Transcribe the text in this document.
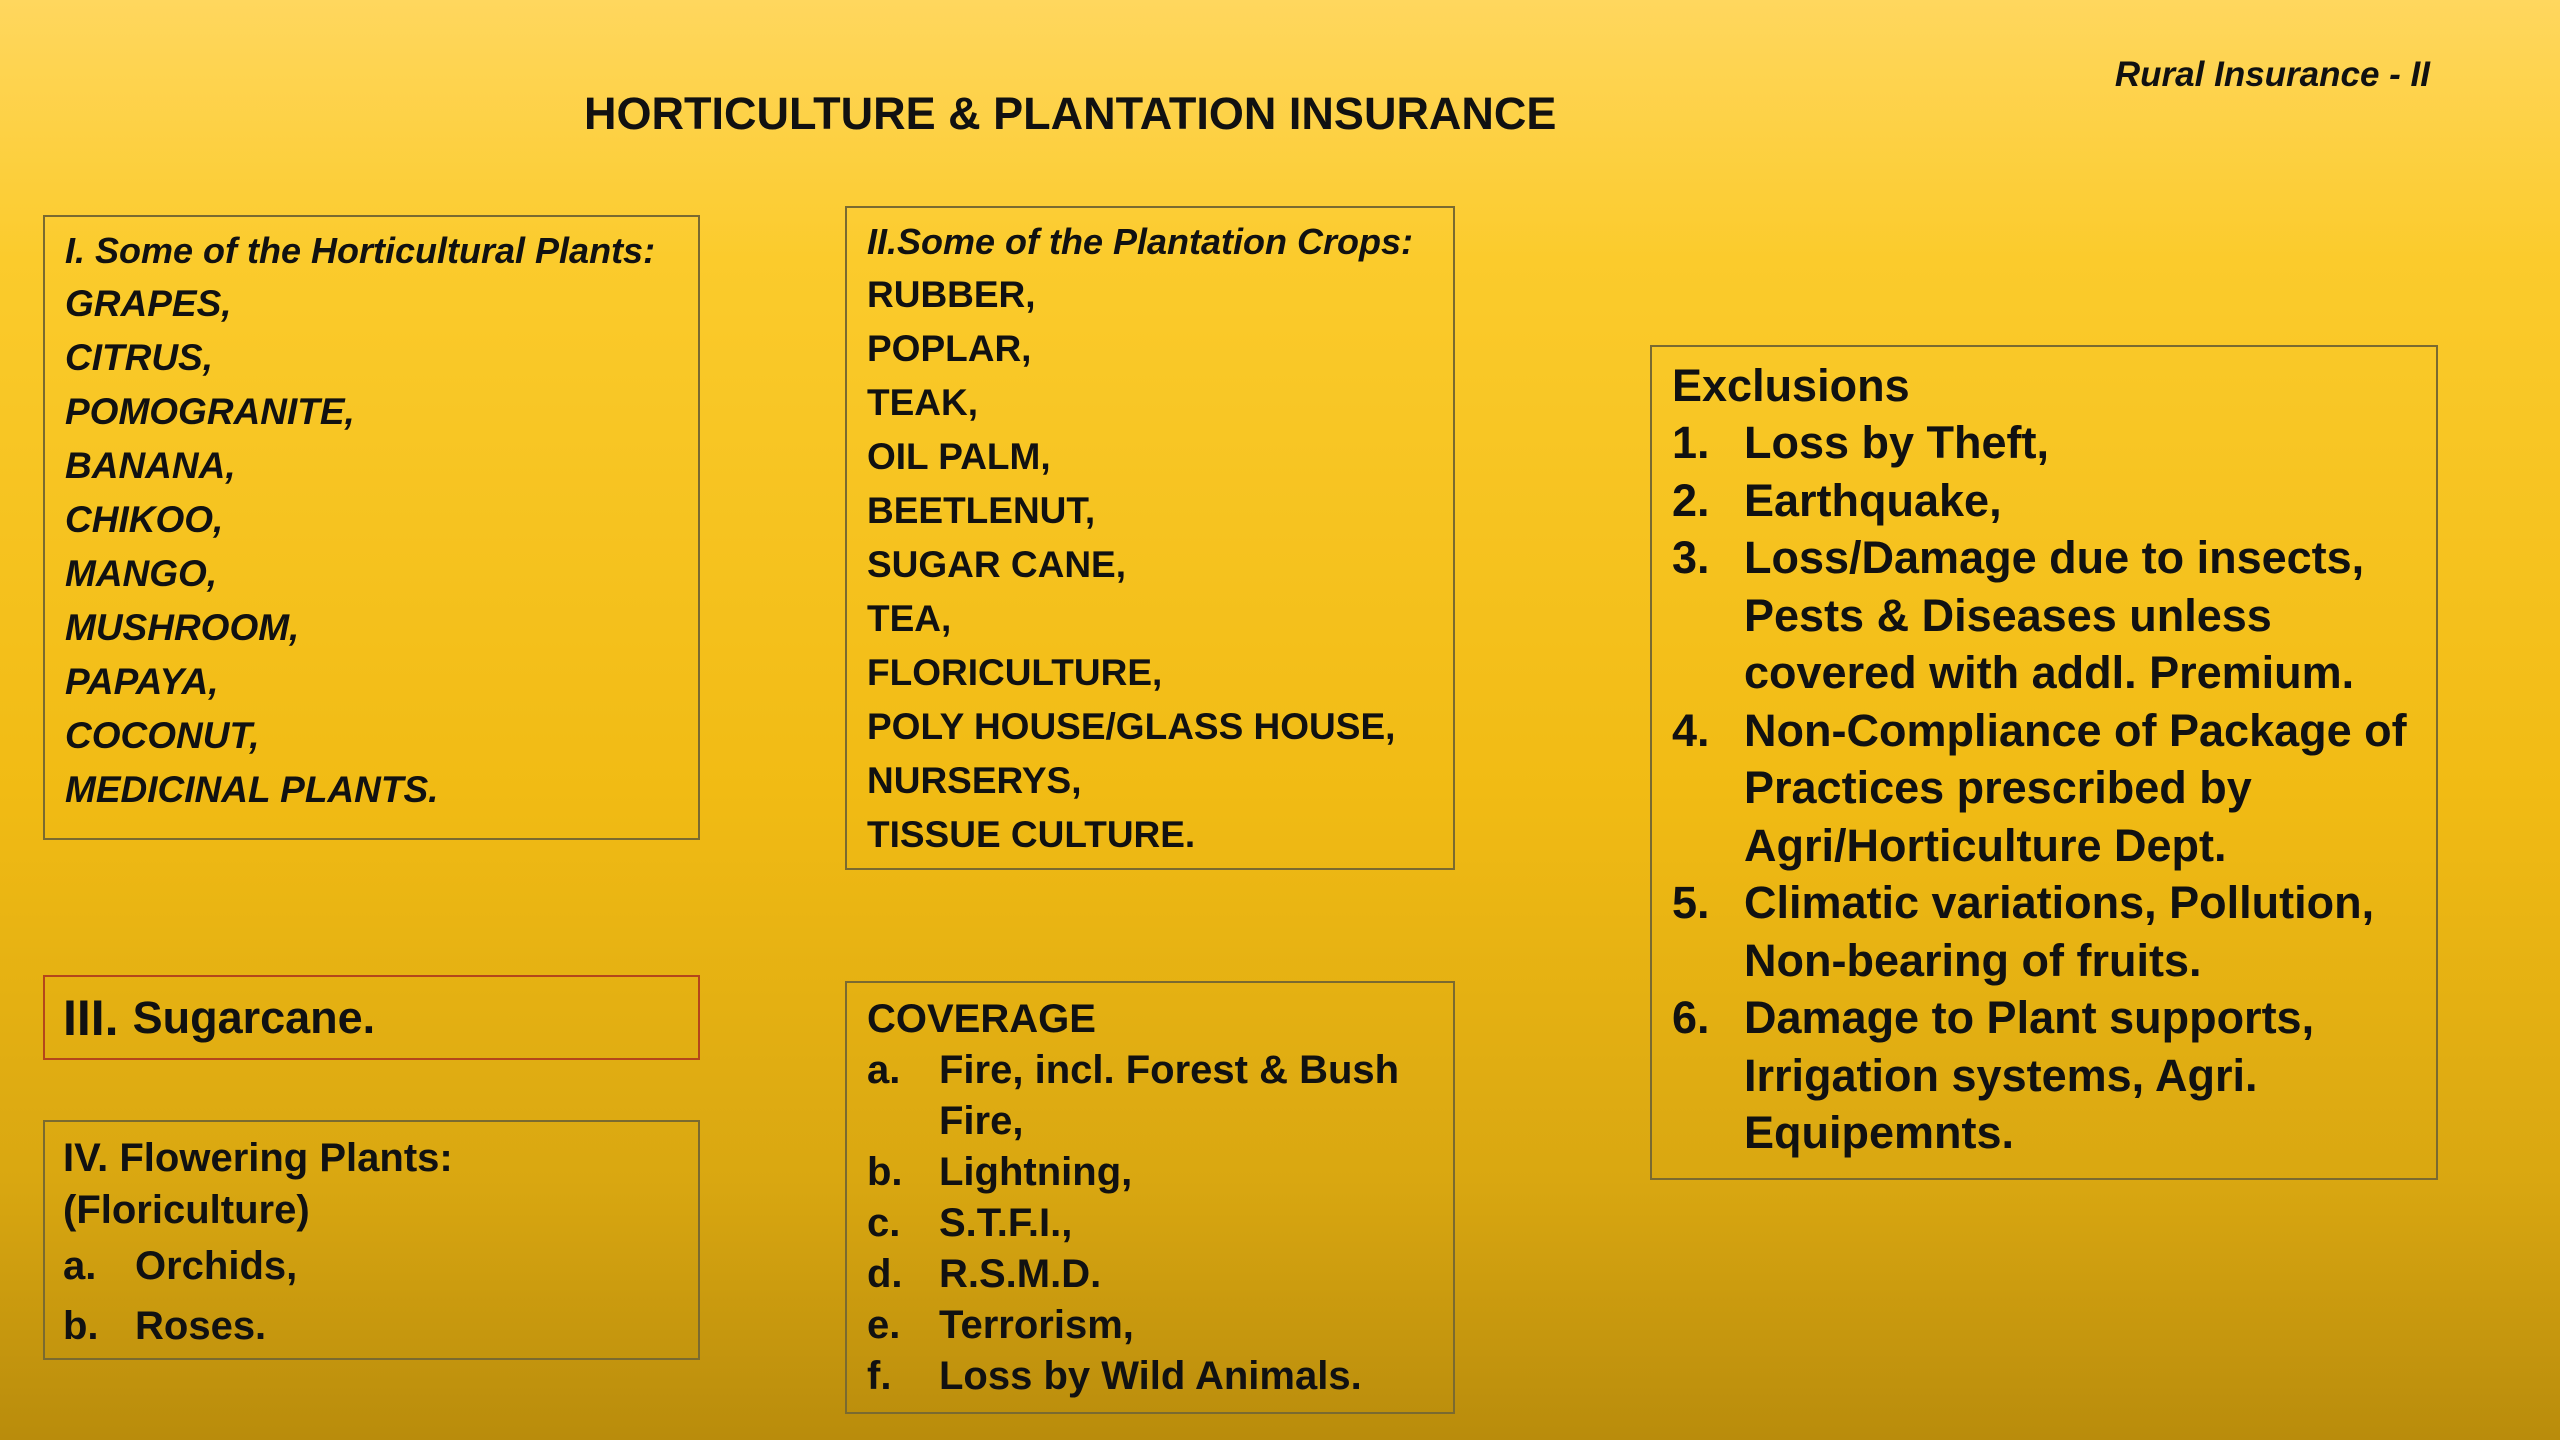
Rural Insurance - II
HORTICULTURE & PLANTATION INSURANCE
I. Some of the Horticultural Plants:
GRAPES,
CITRUS,
POMOGRANITE,
BANANA,
CHIKOO,
MANGO,
MUSHROOM,
PAPAYA,
COCONUT,
MEDICINAL PLANTS.
II.Some of the Plantation Crops:
RUBBER,
POPLAR,
TEAK,
OIL PALM,
BEETLENUT,
SUGAR CANE,
TEA,
FLORICULTURE,
POLY HOUSE/GLASS HOUSE,
NURSERYS,
TISSUE CULTURE.
III. Sugarcane.
IV. Flowering Plants:
(Floriculture)
a. Orchids,
b. Roses.
COVERAGE
a. Fire, incl. Forest & Bush Fire,
b. Lightning,
c. S.T.F.I.,
d. R.S.M.D.
e. Terrorism,
f.	Loss by Wild Animals.
Exclusions
1. Loss by Theft,
2. Earthquake,
3. Loss/Damage due to insects, Pests & Diseases unless covered with addl. Premium.
4. Non-Compliance of Package of Practices prescribed by Agri/Horticulture Dept.
5. Climatic variations, Pollution, Non-bearing of fruits.
6. Damage to Plant supports, Irrigation systems, Agri. Equipemnts.
